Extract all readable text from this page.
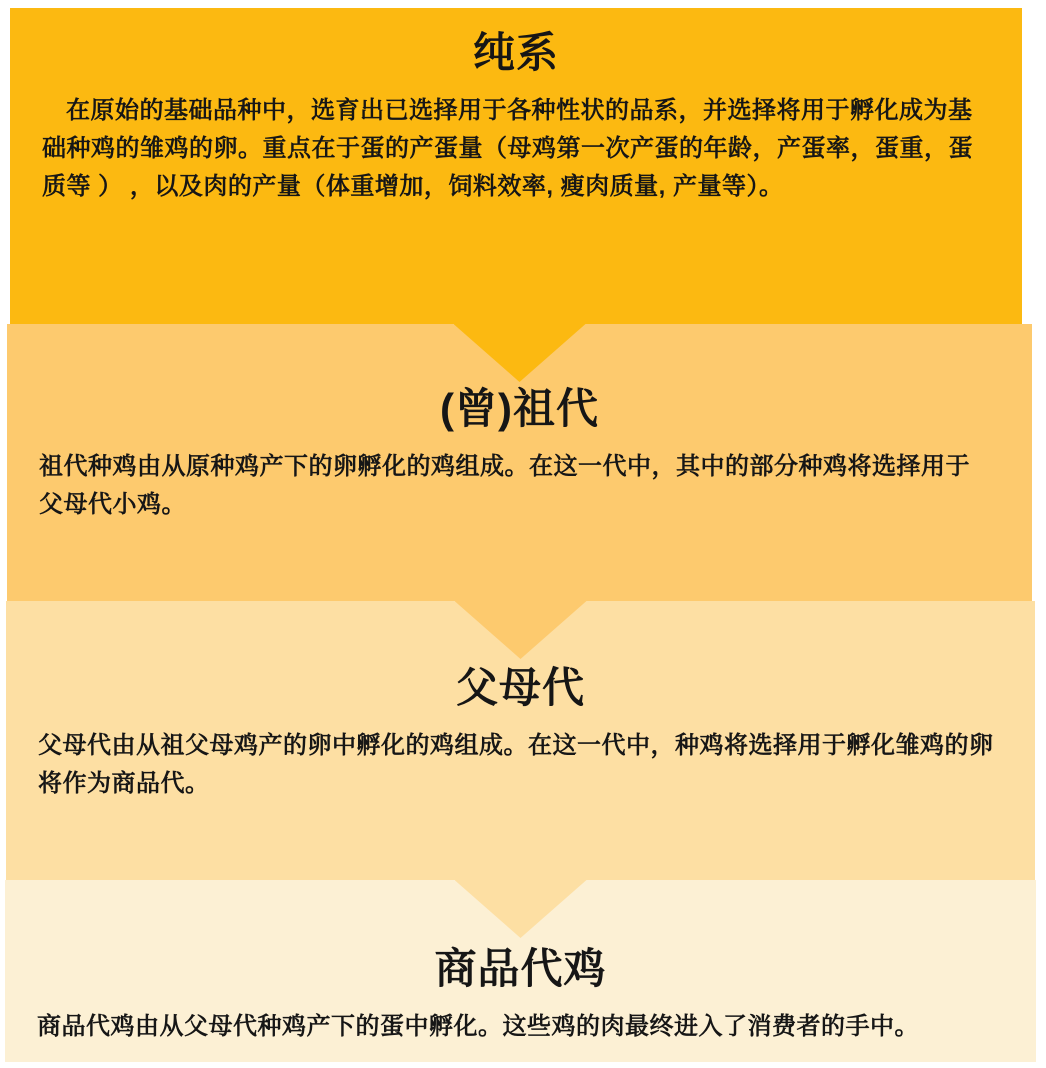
纯系

在原始的基础品种中，选育出已选择用于各种性状的品系，并选择将用于孵化成为基础种鸡的雏鸡的卵。重点在于蛋的产蛋量（母鸡第一次产蛋的年龄，产蛋率，蛋重，蛋质等 ） ，以及肉的产量（体重增加，饲料效率, 瘦肉质量, 产量等）。

(曾)祖代

祖代种鸡由从原种鸡产下的卵孵化的鸡组成。在这一代中，其中的部分种鸡将选择用于父母代小鸡。

父母代

父母代由从祖父母鸡产的卵中孵化的鸡组成。在这一代中，种鸡将选择用于孵化雏鸡的卵将作为商品代。

商品代鸡

商品代鸡由从父母代种鸡产下的蛋中孵化。这些鸡的肉最终进入了消费者的手中。
